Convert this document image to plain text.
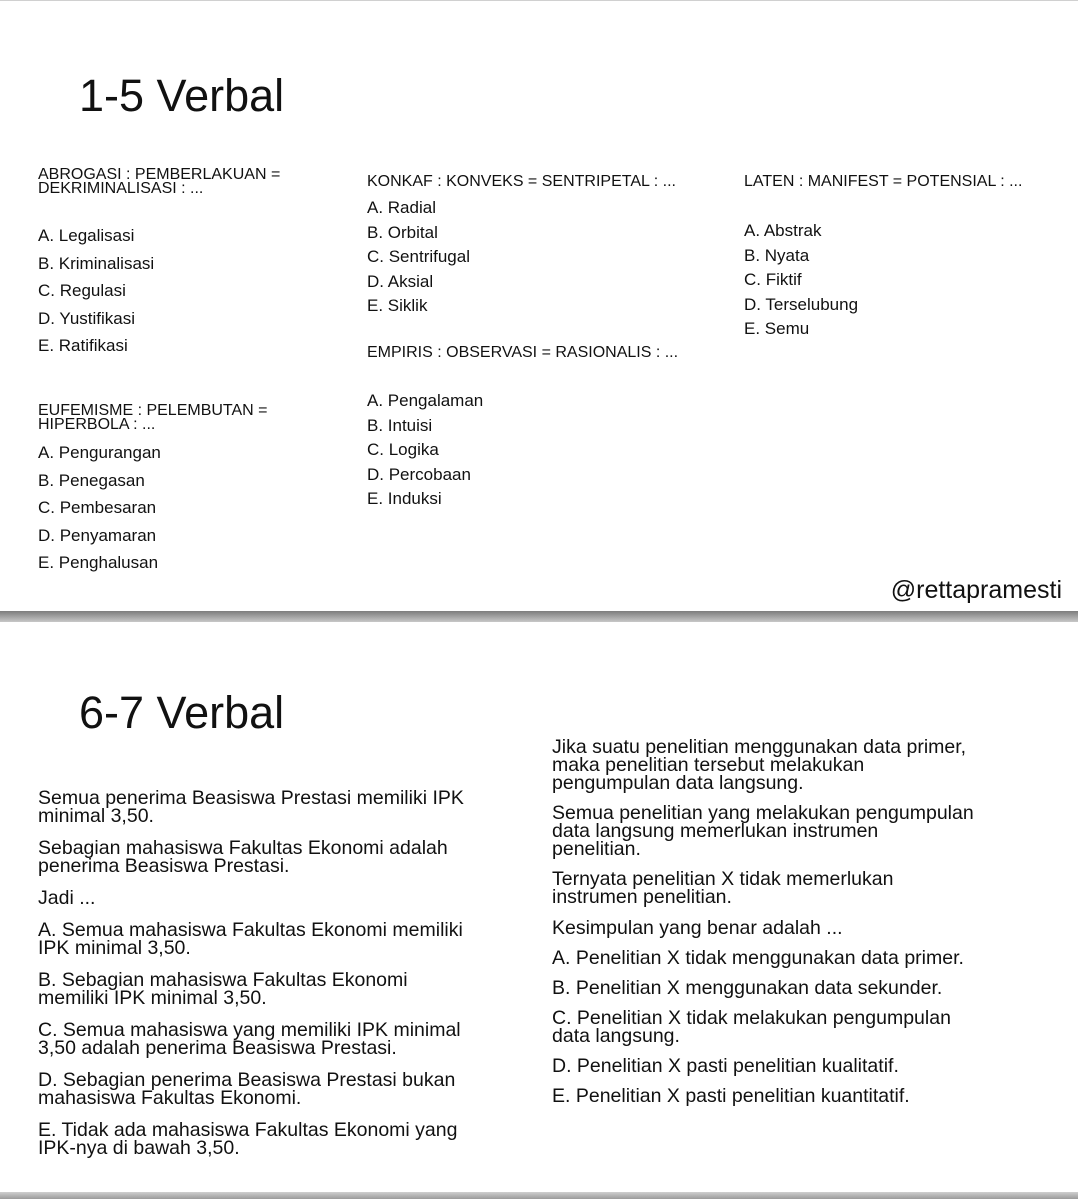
1-5 Verbal
ABROGASI : PEMBERLAKUAN =
DEKRIMINALISASI : ...
A. Legalisasi
B. Kriminalisasi
C. Regulasi
D. Yustifikasi
E. Ratifikasi
EUFEMISME : PELEMBUTAN =
HIPERBOLA : ...
A. Pengurangan
B. Penegasan
C. Pembesaran
D. Penyamaran
E. Penghalusan
KONKAF : KONVEKS = SENTRIPETAL : ...
A. Radial
B. Orbital
C. Sentrifugal
D. Aksial
E. Siklik
EMPIRIS : OBSERVASI = RASIONALIS : ...
A. Pengalaman
B. Intuisi
C. Logika
D. Percobaan
E. Induksi
LATEN : MANIFEST = POTENSIAL : ...
A. Abstrak
B. Nyata
C. Fiktif
D. Terselubung
E. Semu
@rettapramesti
6-7 Verbal

Semua penerima Beasiswa Prestasi memiliki IPK
minimal 3,50.

Sebagian mahasiswa Fakultas Ekonomi adalah
penerima Beasiswa Prestasi.

Jadi ...

A. Semua mahasiswa Fakultas Ekonomi memiliki
IPK minimal 3,50.

B. Sebagian mahasiswa Fakultas Ekonomi
memiliki IPK minimal 3,50.

C. Semua mahasiswa yang memiliki IPK minimal
3,50 adalah penerima Beasiswa Prestasi.

D. Sebagian penerima Beasiswa Prestasi bukan
mahasiswa Fakultas Ekonomi.

E. Tidak ada mahasiswa Fakultas Ekonomi yang
IPK-nya di bawah 3,50.

Jika suatu penelitian menggunakan data primer,
maka penelitian tersebut melakukan
pengumpulan data langsung.

Semua penelitian yang melakukan pengumpulan
data langsung memerlukan instrumen
penelitian.

Ternyata penelitian X tidak memerlukan
instrumen penelitian.

Kesimpulan yang benar adalah ...

A. Penelitian X tidak menggunakan data primer.

B. Penelitian X menggunakan data sekunder.

C. Penelitian X tidak melakukan pengumpulan
data langsung.

D. Penelitian X pasti penelitian kualitatif.

E. Penelitian X pasti penelitian kuantitatif.
